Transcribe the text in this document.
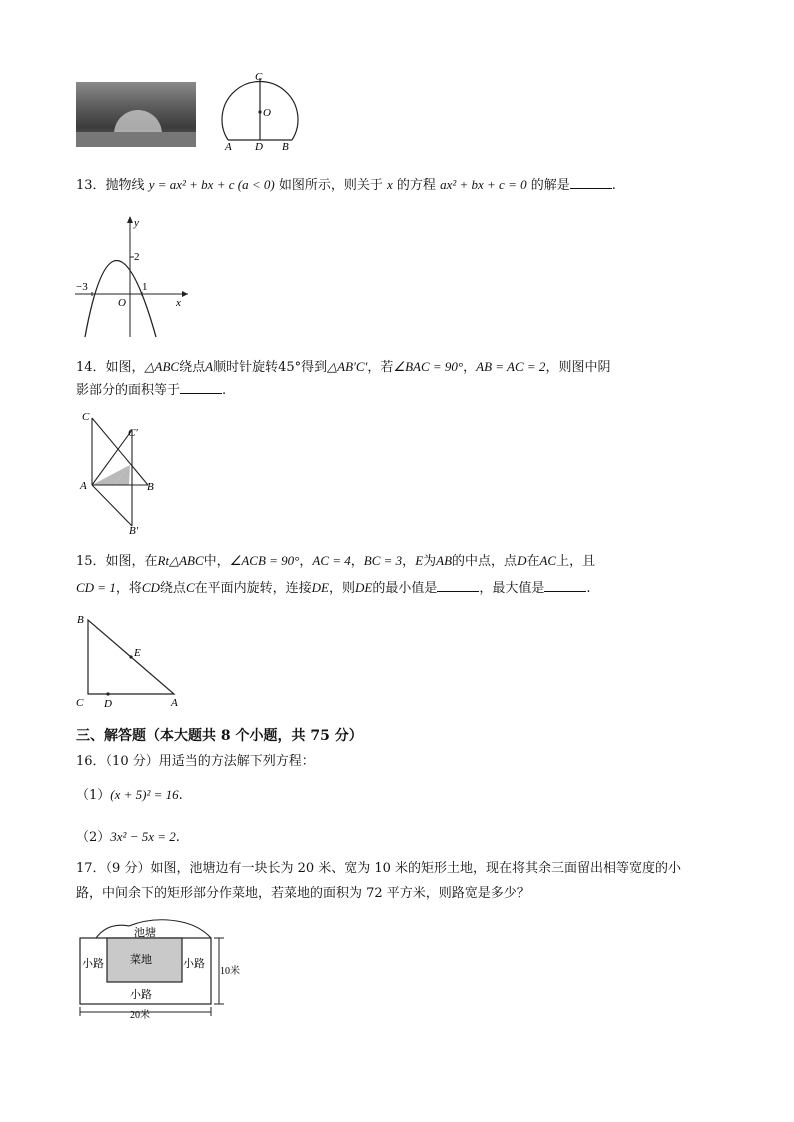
C
O
A D B
13．抛物线 y = ax² + bx + c (a < 0) 如图所示，则关于 x 的方程 ax² + bx + c = 0 的解是	.
y
2
−3
O
1
x
14．如图，△ABC绕点A顺时针旋转45°得到△AB′C′，若∠BAC = 90°，AB = AC = 2，则图中阴
影部分的面积等于	.
C
C′
A	B
B′
15．如图，在Rt△ABC中，∠ACB = 90°，AC = 4，BC = 3，E为AB的中点，点D在AC上，且
CD = 1，将CD绕点C在平面内旋转，连接DE，则DE的最小值是	，最大值是	.
B
E
C D	A
三、解答题（本大题共 8 个小题，共 75 分）
16．（10 分）用适当的方法解下列方程：
（1）(x + 5)² = 16.
（2）3x² − 5x = 2.
17．（9 分）如图，池塘边有一块长为 20 米、宽为 10 米的矩形土地，现在将其余三面留出相等宽度的小
路，中间余下的矩形部分作菜地，若菜地的面积为 72 平方米，则路宽是多少？
池塘
菜地
小路	小路
小路
10米
20米
